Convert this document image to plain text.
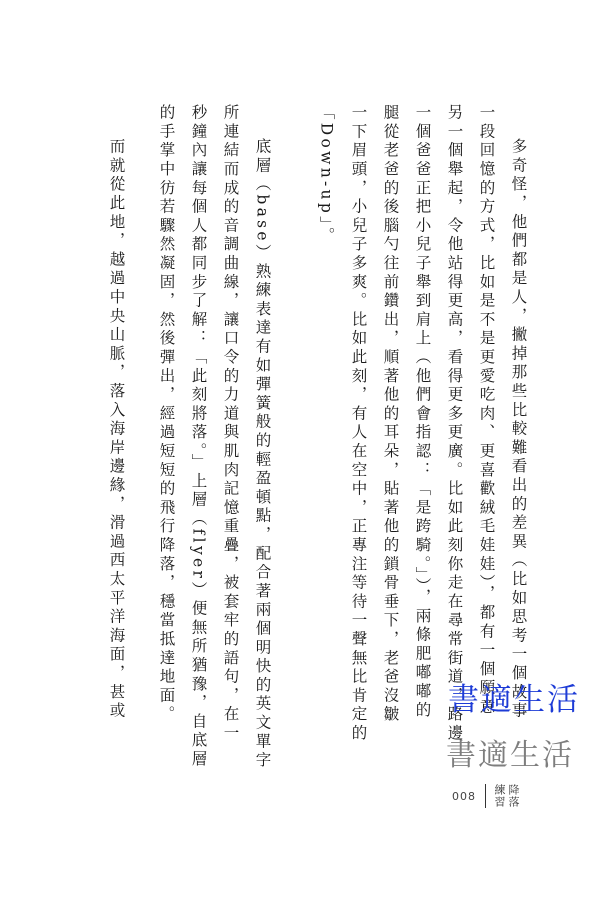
多奇怪，他們都是人，撇掉那些比較難看出的差異（比如思考一個故事
一段回憶的方式，比如是不是更愛吃肉、更喜歡絨毛娃娃），都有一個願意
另一個舉起，令他站得更高，看得更多更廣。比如此刻你走在尋常街道，路邊
一個爸爸正把小兒子舉到肩上（他們會指認：「是跨騎。」），兩條肥嘟嘟的
腿從老爸的後腦勺往前鑽出，順著他的耳朵，貼著他的鎖骨垂下，老爸沒皺
一下眉頭，小兒子多爽。比如此刻，有人在空中，正專注等待一聲無比肯定的
「Down-up」。
底層（base）熟練表達有如彈簧般的輕盈頓點，配合著兩個明快的英文單字
所連結而成的音調曲線，讓口令的力道與肌肉記憶重疊，被套牢的語句，在一
秒鐘內讓每個人都同步了解：「此刻將落。」上層（flyer）便無所猶豫，自底層
的手掌中彷若驟然凝固，然後彈出，經過短短的飛行降落，穩當抵達地面。
而就從此地，越過中央山脈，落入海岸邊緣，滑過西太平洋海面，甚或	書適生活
書適生活
008	降落
練習
